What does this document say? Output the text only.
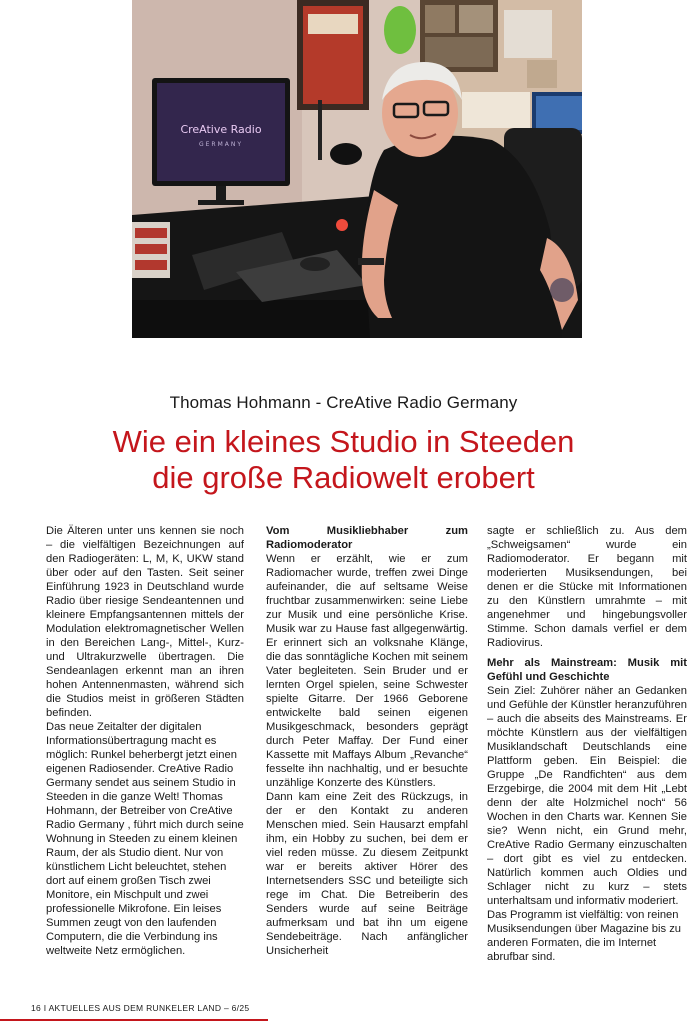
CreAtive Radio
GERMANY
Thomas Hohmann - CreAtive Radio Germany
Wie ein kleines Studio in Steeden
die große Radiowelt erobert

Die Älteren unter uns kennen sie noch – die vielfältigen Bezeichnungen auf den Radiogeräten: L, M, K, UKW stand über oder auf den Tasten. Seit seiner Einführung 1923 in Deutschland wurde Radio über riesige Sendeantennen und kleinere Empfangsantennen mittels der Modulation elektromagnetischer Wellen in den Bereichen Lang-, Mittel-, Kurz- und Ultrakurzwelle übertragen. Die Sendeanlagen erkennt man an ihren hohen Antennenmasten, während sich die Studios meist in größeren Städten befinden.

Das neue Zeitalter der digitalen Informationsübertragung macht es möglich: Runkel beherbergt jetzt einen eigenen Radiosender. CreAtive Radio Germany sendet aus seinem Studio in Steeden in die ganze Welt! Thomas Hohmann, der Betreiber von CreAtive Radio Germany , führt mich durch seine Wohnung in Steeden zu einem kleinen Raum, der als Studio dient. Nur von künstlichem Licht beleuchtet, stehen dort auf einem großen Tisch zwei Monitore, ein Mischpult und zwei professionelle Mikrofone. Ein leises Summen zeugt von den laufenden Computern, die die Verbindung ins weltweite Netz ermöglichen.

Vom Musikliebhaber zum Radiomoderator

Wenn er erzählt, wie er zum Radiomacher wurde, treffen zwei Dinge aufeinander, die auf seltsame Weise fruchtbar zusammenwirken: seine Liebe zur Musik und eine persönliche Krise. Musik war zu Hause fast allgegenwärtig. Er erinnert sich an volksnahe Klänge, die das sonntägliche Kochen mit seinem Vater begleiteten. Sein Bruder und er lernten Orgel spielen, seine Schwester spielte Gitarre. Der 1966 Geborene entwickelte bald seinen eigenen Musikgeschmack, besonders geprägt durch Peter Maffay. Der Fund einer Kassette mit Maffays Album „Revanche“ fesselte ihn nachhaltig, und er besuchte unzählige Konzerte des Künstlers.

Dann kam eine Zeit des Rückzugs, in der er den Kontakt zu anderen Menschen mied. Sein Hausarzt empfahl ihm, ein Hobby zu suchen, bei dem er viel reden müsse. Zu diesem Zeitpunkt war er bereits aktiver Hörer des Internetsenders SSC und beteiligte sich rege im Chat. Die Betreiberin des Senders wurde auf seine Beiträge aufmerksam und bat ihn um eigene Sendebeiträge. Nach anfänglicher Unsicherheit

sagte er schließlich zu. Aus dem „Schweigsamen“ wurde ein Radiomoderator. Er begann mit moderierten Musiksendungen, bei denen er die Stücke mit Informationen zu den Künstlern umrahmte – mit angenehmer und hingebungsvoller Stimme. Schon damals verfiel er dem Radiovirus.

Mehr als Mainstream: Musik mit Gefühl und Geschichte

Sein Ziel: Zuhörer näher an Gedanken und Gefühle der Künstler heranzuführen – auch die abseits des Mainstreams. Er möchte Künstlern aus der vielfältigen Musiklandschaft Deutschlands eine Plattform geben. Ein Beispiel: die Gruppe „De Randfichten“ aus dem Erzgebirge, die 2004 mit dem Hit „Lebt denn der alte Holzmichel noch“ 56 Wochen in den Charts war. Kennen Sie sie? Wenn nicht, ein Grund mehr, CreAtive Radio Germany einzuschalten – dort gibt es viel zu entdecken. Natürlich kommen auch Oldies und Schlager nicht zu kurz – stets unterhaltsam und informativ moderiert.

Das Programm ist vielfältig: von reinen Musiksendungen über Magazine bis zu anderen Formaten, die im Internet abrufbar sind.

16 I AKTUELLES AUS DEM RUNKELER LAND – 6/25
